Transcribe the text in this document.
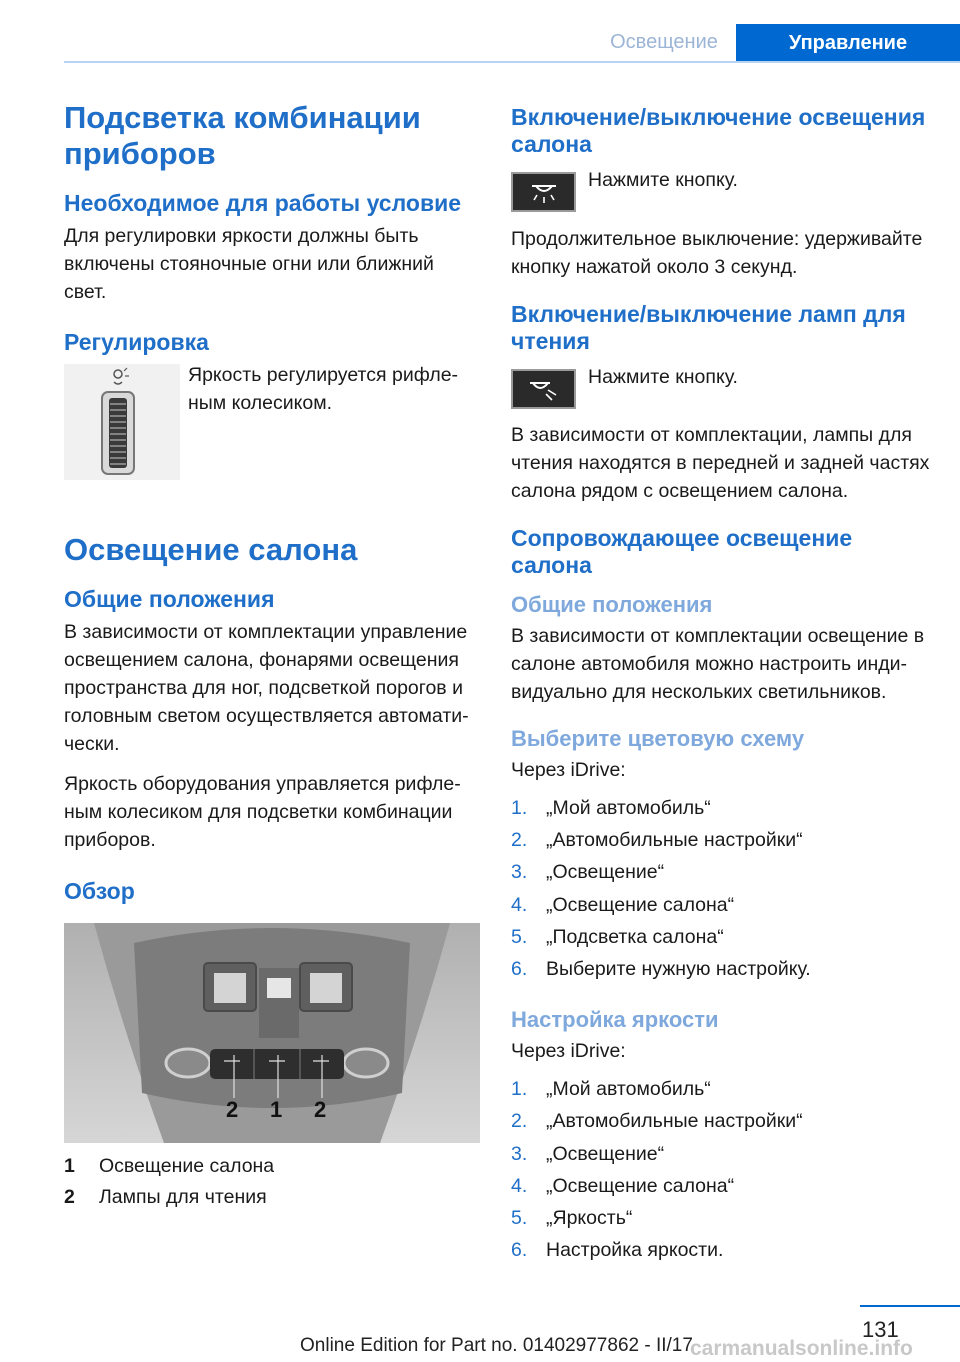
Освещение	Управление
Подсветка комбинации приборов
Необходимое для работы условие

Для регулировки яркости должны быть включены стояночные огни или ближний свет.

Регулировка

Яркость регулируется рифленым колесиком.

Освещение салона
Общие положения

В зависимости от комплектации управление освещением салона, фонарями освещения пространства для ног, подсветкой порогов и головным светом осуществляется автоматически.

Яркость оборудования управляется рифленым колесиком для подсветки комбинации приборов.

Обзор
2 1 2
1	Освещение салона
2	Лампы для чтения
Включение/выключение освещения салона

Нажмите кнопку.

Продолжительное выключение: удерживайте кнопку нажатой около 3 секунд.

Включение/выключение ламп для чтения

Нажмите кнопку.

В зависимости от комплектации, лампы для чтения находятся в передней и задней частях салона рядом с освещением салона.

Сопровождающее освещение салона
Общие положения

В зависимости от комплектации освещение в салоне автомобиля можно настроить индивидуально для нескольких светильников.

Выберите цветовую схему

Через iDrive:

1. „Мой автомобиль“
2. „Автомобильные настройки“
3. „Освещение“
4. „Освещение салона“
5. „Подсветка салона“
6. Выберите нужную настройку.
Настройка яркости

Через iDrive:

1. „Мой автомобиль“
2. „Автомобильные настройки“
3. „Освещение“
4. „Освещение салона“
5. „Яркость“
6. Настройка яркости.
131
Online Edition for Part no. 01402977862 - II/17
carmanualsonline.info
